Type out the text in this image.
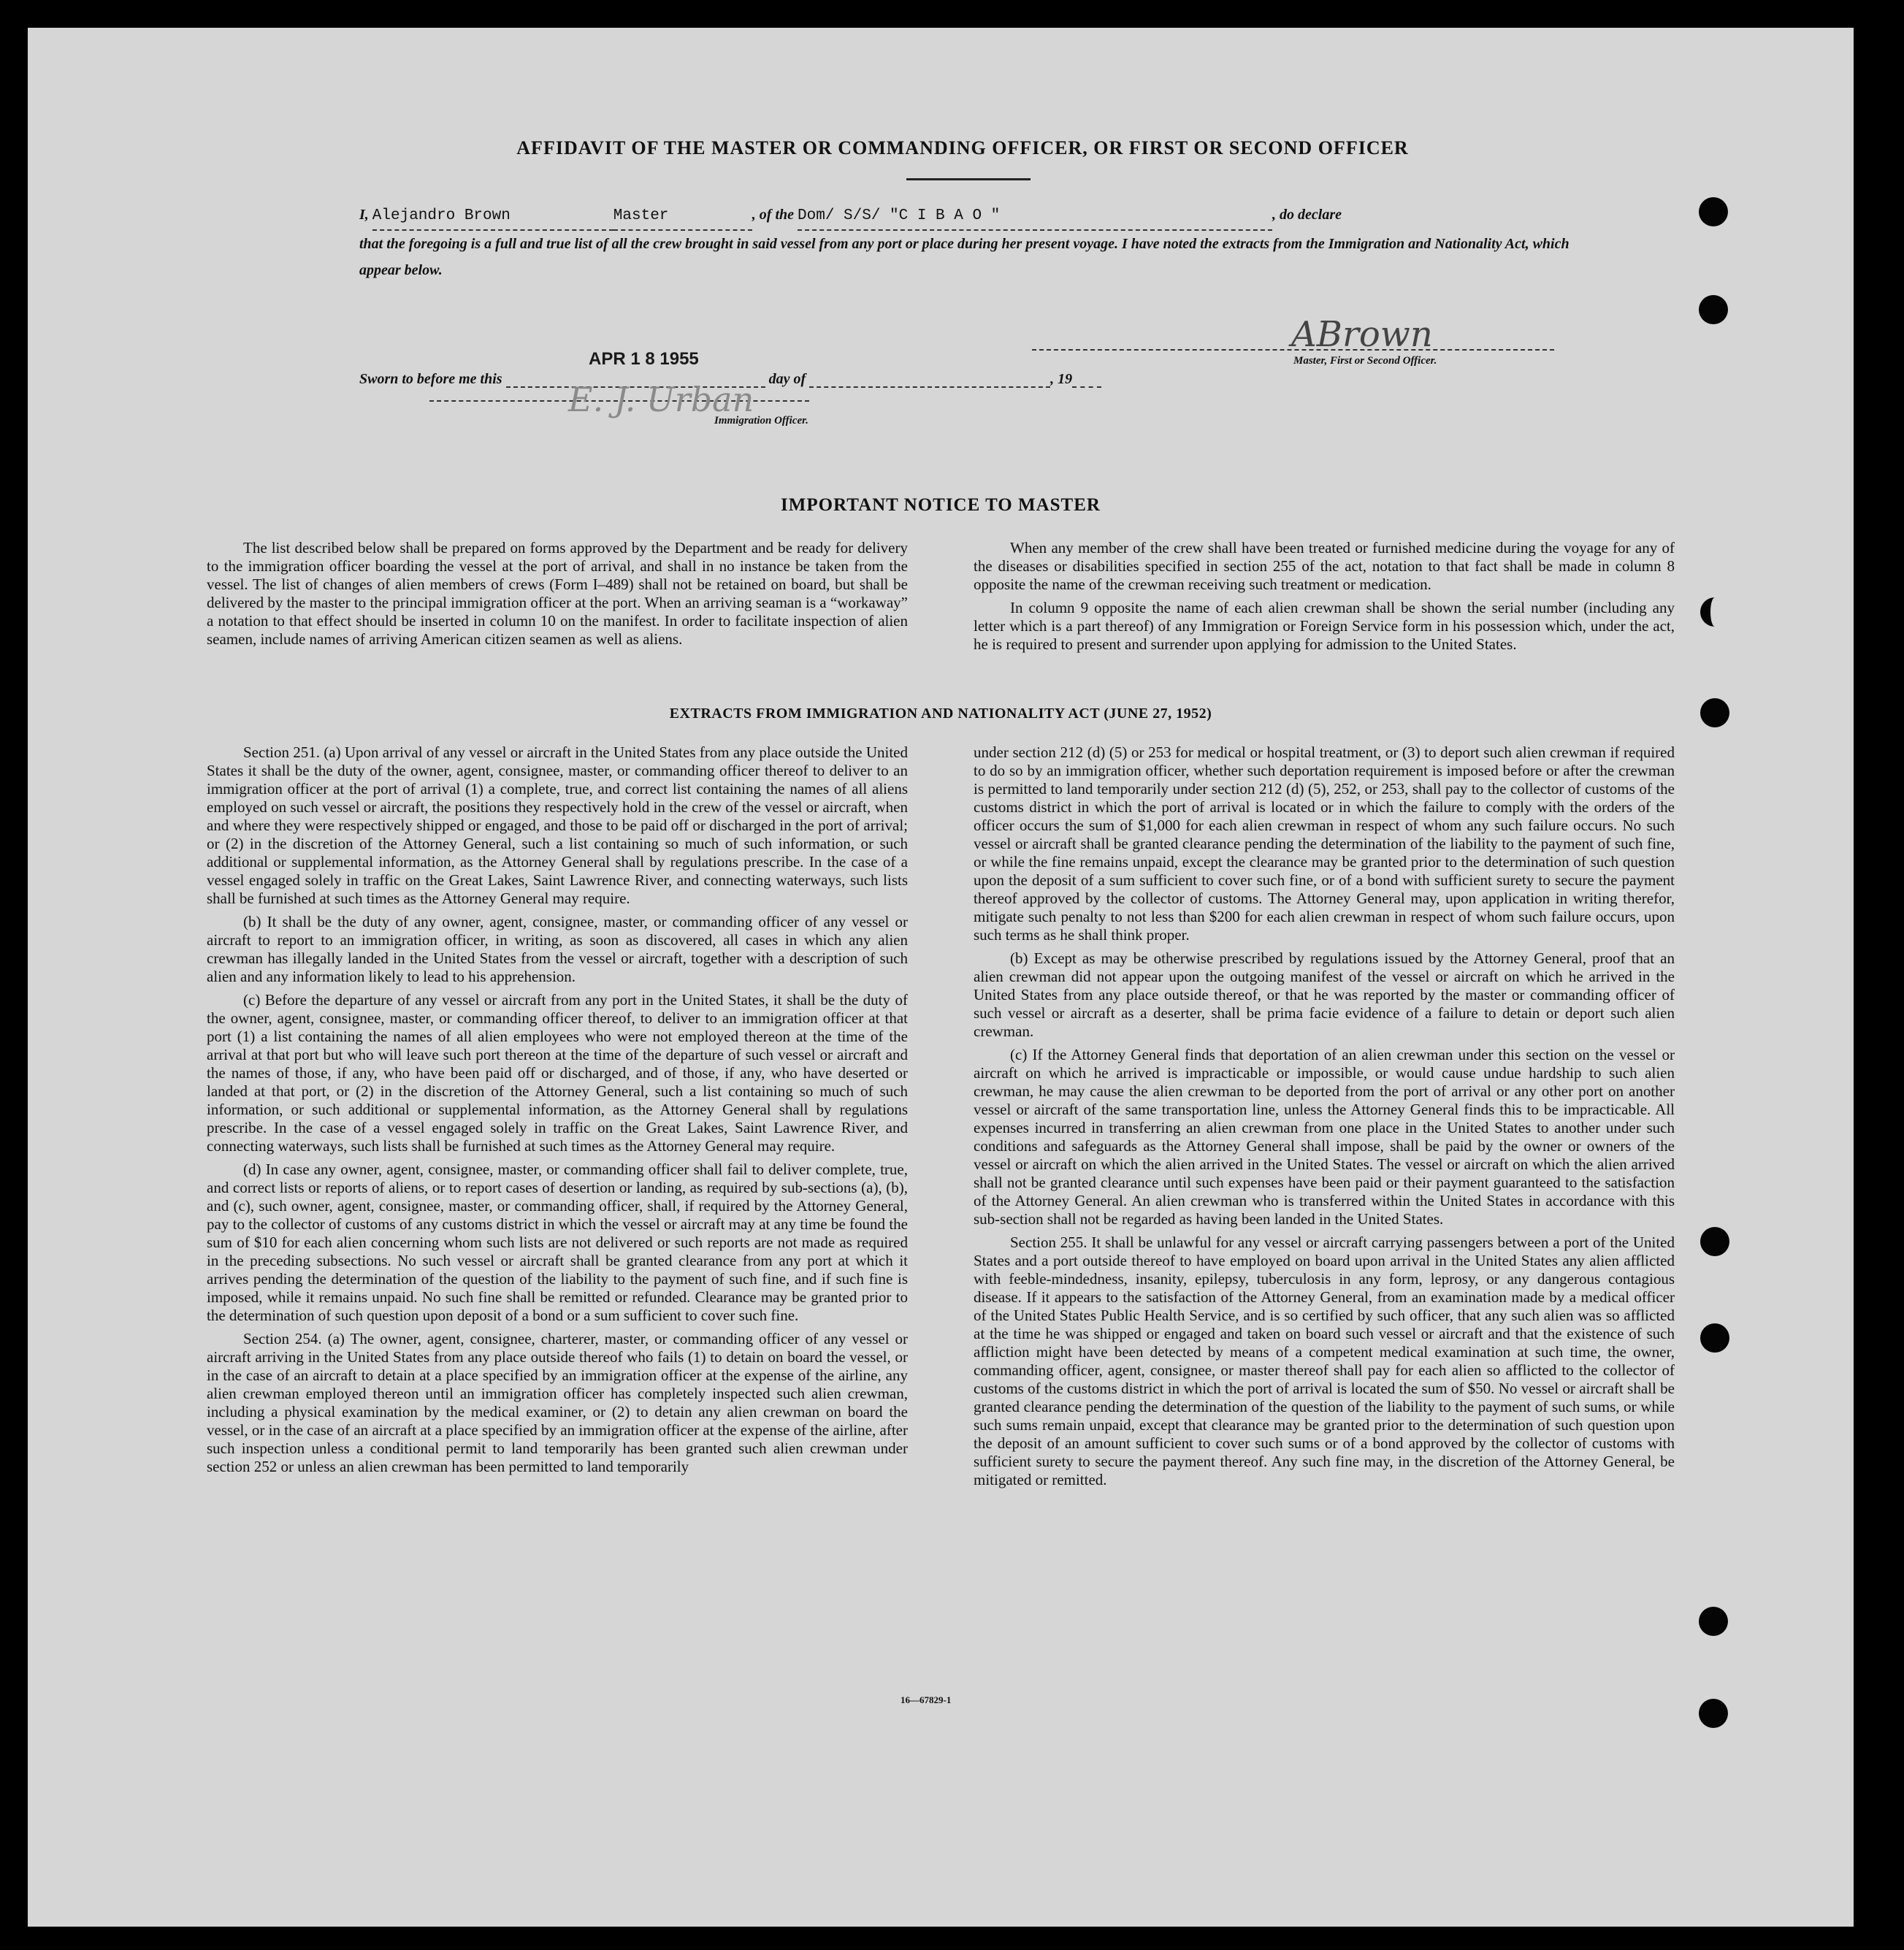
AFFIDAVIT OF THE MASTER OR COMMANDING OFFICER, OR FIRST OR SECOND OFFICER
I, Alejandro Brown	Master	, of the Dom/ S/S/ "C I B A O "	, do declare
that the foregoing is a full and true list of all the crew brought in said vessel from any port or place during her present voyage. I have noted the extracts from the Immigration and Nationality Act, which appear below.
APR 1 8 1955
Sworn to before me this	day of	, 19
ABrown
Master, First or Second Officer.
E. J. Urban
Immigration Officer.
IMPORTANT NOTICE TO MASTER

The list described below shall be prepared on forms approved by the Department and be ready for delivery to the immigration officer boarding the vessel at the port of arrival, and shall in no instance be taken from the vessel. The list of changes of alien members of crews (Form I–489) shall not be retained on board, but shall be delivered by the master to the principal immigration officer at the port. When an arriving seaman is a “workaway” a notation to that effect should be inserted in column 10 on the manifest. In order to facilitate inspection of alien seamen, include names of arriving American citizen seamen as well as aliens.

When any member of the crew shall have been treated or furnished medicine during the voyage for any of the diseases or disabilities specified in section 255 of the act, notation to that fact shall be made in column 8 opposite the name of the crewman receiving such treatment or medication.

In column 9 opposite the name of each alien crewman shall be shown the serial number (including any letter which is a part thereof) of any Immigration or Foreign Service form in his possession which, under the act, he is required to present and surrender upon applying for admission to the United States.

EXTRACTS FROM IMMIGRATION AND NATIONALITY ACT (JUNE 27, 1952)

Section 251. (a) Upon arrival of any vessel or aircraft in the United States from any place outside the United States it shall be the duty of the owner, agent, consignee, master, or commanding officer thereof to deliver to an immigration officer at the port of arrival (1) a complete, true, and correct list containing the names of all aliens employed on such vessel or aircraft, the positions they respectively hold in the crew of the vessel or aircraft, when and where they were respectively shipped or engaged, and those to be paid off or discharged in the port of arrival; or (2) in the discretion of the Attorney General, such a list containing so much of such information, or such additional or supplemental information, as the Attorney General shall by regulations prescribe. In the case of a vessel engaged solely in traffic on the Great Lakes, Saint Lawrence River, and connecting waterways, such lists shall be furnished at such times as the Attorney General may require.

(b) It shall be the duty of any owner, agent, consignee, master, or commanding officer of any vessel or aircraft to report to an immigration officer, in writing, as soon as discovered, all cases in which any alien crewman has illegally landed in the United States from the vessel or aircraft, together with a description of such alien and any information likely to lead to his apprehension.

(c) Before the departure of any vessel or aircraft from any port in the United States, it shall be the duty of the owner, agent, consignee, master, or commanding officer thereof, to deliver to an immigration officer at that port (1) a list containing the names of all alien employees who were not employed thereon at the time of the arrival at that port but who will leave such port thereon at the time of the departure of such vessel or aircraft and the names of those, if any, who have been paid off or discharged, and of those, if any, who have deserted or landed at that port, or (2) in the discretion of the Attorney General, such a list containing so much of such information, or such additional or supplemental information, as the Attorney General shall by regulations prescribe. In the case of a vessel engaged solely in traffic on the Great Lakes, Saint Lawrence River, and connecting waterways, such lists shall be furnished at such times as the Attorney General may require.

(d) In case any owner, agent, consignee, master, or commanding officer shall fail to deliver complete, true, and correct lists or reports of aliens, or to report cases of desertion or landing, as required by sub-sections (a), (b), and (c), such owner, agent, consignee, master, or commanding officer, shall, if required by the Attorney General, pay to the collector of customs of any customs district in which the vessel or aircraft may at any time be found the sum of $10 for each alien concerning whom such lists are not delivered or such reports are not made as required in the preceding subsections. No such vessel or aircraft shall be granted clearance from any port at which it arrives pending the determination of the question of the liability to the payment of such fine, and if such fine is imposed, while it remains unpaid. No such fine shall be remitted or refunded. Clearance may be granted prior to the determination of such question upon deposit of a bond or a sum sufficient to cover such fine.

Section 254. (a) The owner, agent, consignee, charterer, master, or commanding officer of any vessel or aircraft arriving in the United States from any place outside thereof who fails (1) to detain on board the vessel, or in the case of an aircraft to detain at a place specified by an immigration officer at the expense of the airline, any alien crewman employed thereon until an immigration officer has completely inspected such alien crewman, including a physical examination by the medical examiner, or (2) to detain any alien crewman on board the vessel, or in the case of an aircraft at a place specified by an immigration officer at the expense of the airline, after such inspection unless a conditional permit to land temporarily has been granted such alien crewman under section 252 or unless an alien crewman has been permitted to land temporarily

under section 212 (d) (5) or 253 for medical or hospital treatment, or (3) to deport such alien crewman if required to do so by an immigration officer, whether such deportation requirement is imposed before or after the crewman is permitted to land temporarily under section 212 (d) (5), 252, or 253, shall pay to the collector of customs of the customs district in which the port of arrival is located or in which the failure to comply with the orders of the officer occurs the sum of $1,000 for each alien crewman in respect of whom any such failure occurs. No such vessel or aircraft shall be granted clearance pending the determination of the liability to the payment of such fine, or while the fine remains unpaid, except the clearance may be granted prior to the determination of such question upon the deposit of a sum sufficient to cover such fine, or of a bond with sufficient surety to secure the payment thereof approved by the collector of customs. The Attorney General may, upon application in writing therefor, mitigate such penalty to not less than $200 for each alien crewman in respect of whom such failure occurs, upon such terms as he shall think proper.

(b) Except as may be otherwise prescribed by regulations issued by the Attorney General, proof that an alien crewman did not appear upon the outgoing manifest of the vessel or aircraft on which he arrived in the United States from any place outside thereof, or that he was reported by the master or commanding officer of such vessel or aircraft as a deserter, shall be prima facie evidence of a failure to detain or deport such alien crewman.

(c) If the Attorney General finds that deportation of an alien crewman under this section on the vessel or aircraft on which he arrived is impracticable or impossible, or would cause undue hardship to such alien crewman, he may cause the alien crewman to be deported from the port of arrival or any other port on another vessel or aircraft of the same transportation line, unless the Attorney General finds this to be impracticable. All expenses incurred in transferring an alien crewman from one place in the United States to another under such conditions and safeguards as the Attorney General shall impose, shall be paid by the owner or owners of the vessel or aircraft on which the alien arrived in the United States. The vessel or aircraft on which the alien arrived shall not be granted clearance until such expenses have been paid or their payment guaranteed to the satisfaction of the Attorney General. An alien crewman who is transferred within the United States in accordance with this sub-section shall not be regarded as having been landed in the United States.

Section 255. It shall be unlawful for any vessel or aircraft carrying passengers between a port of the United States and a port outside thereof to have employed on board upon arrival in the United States any alien afflicted with feeble-mindedness, insanity, epilepsy, tuberculosis in any form, leprosy, or any dangerous contagious disease. If it appears to the satisfaction of the Attorney General, from an examination made by a medical officer of the United States Public Health Service, and is so certified by such officer, that any such alien was so afflicted at the time he was shipped or engaged and taken on board such vessel or aircraft and that the existence of such affliction might have been detected by means of a competent medical examination at such time, the owner, commanding officer, agent, consignee, or master thereof shall pay for each alien so afflicted to the collector of customs of the customs district in which the port of arrival is located the sum of $50. No vessel or aircraft shall be granted clearance pending the determination of the question of the liability to the payment of such sums, or while such sums remain unpaid, except that clearance may be granted prior to the determination of such question upon the deposit of an amount sufficient to cover such sums or of a bond approved by the collector of customs with sufficient surety to secure the payment thereof. Any such fine may, in the discretion of the Attorney General, be mitigated or remitted.

16—67829-1
